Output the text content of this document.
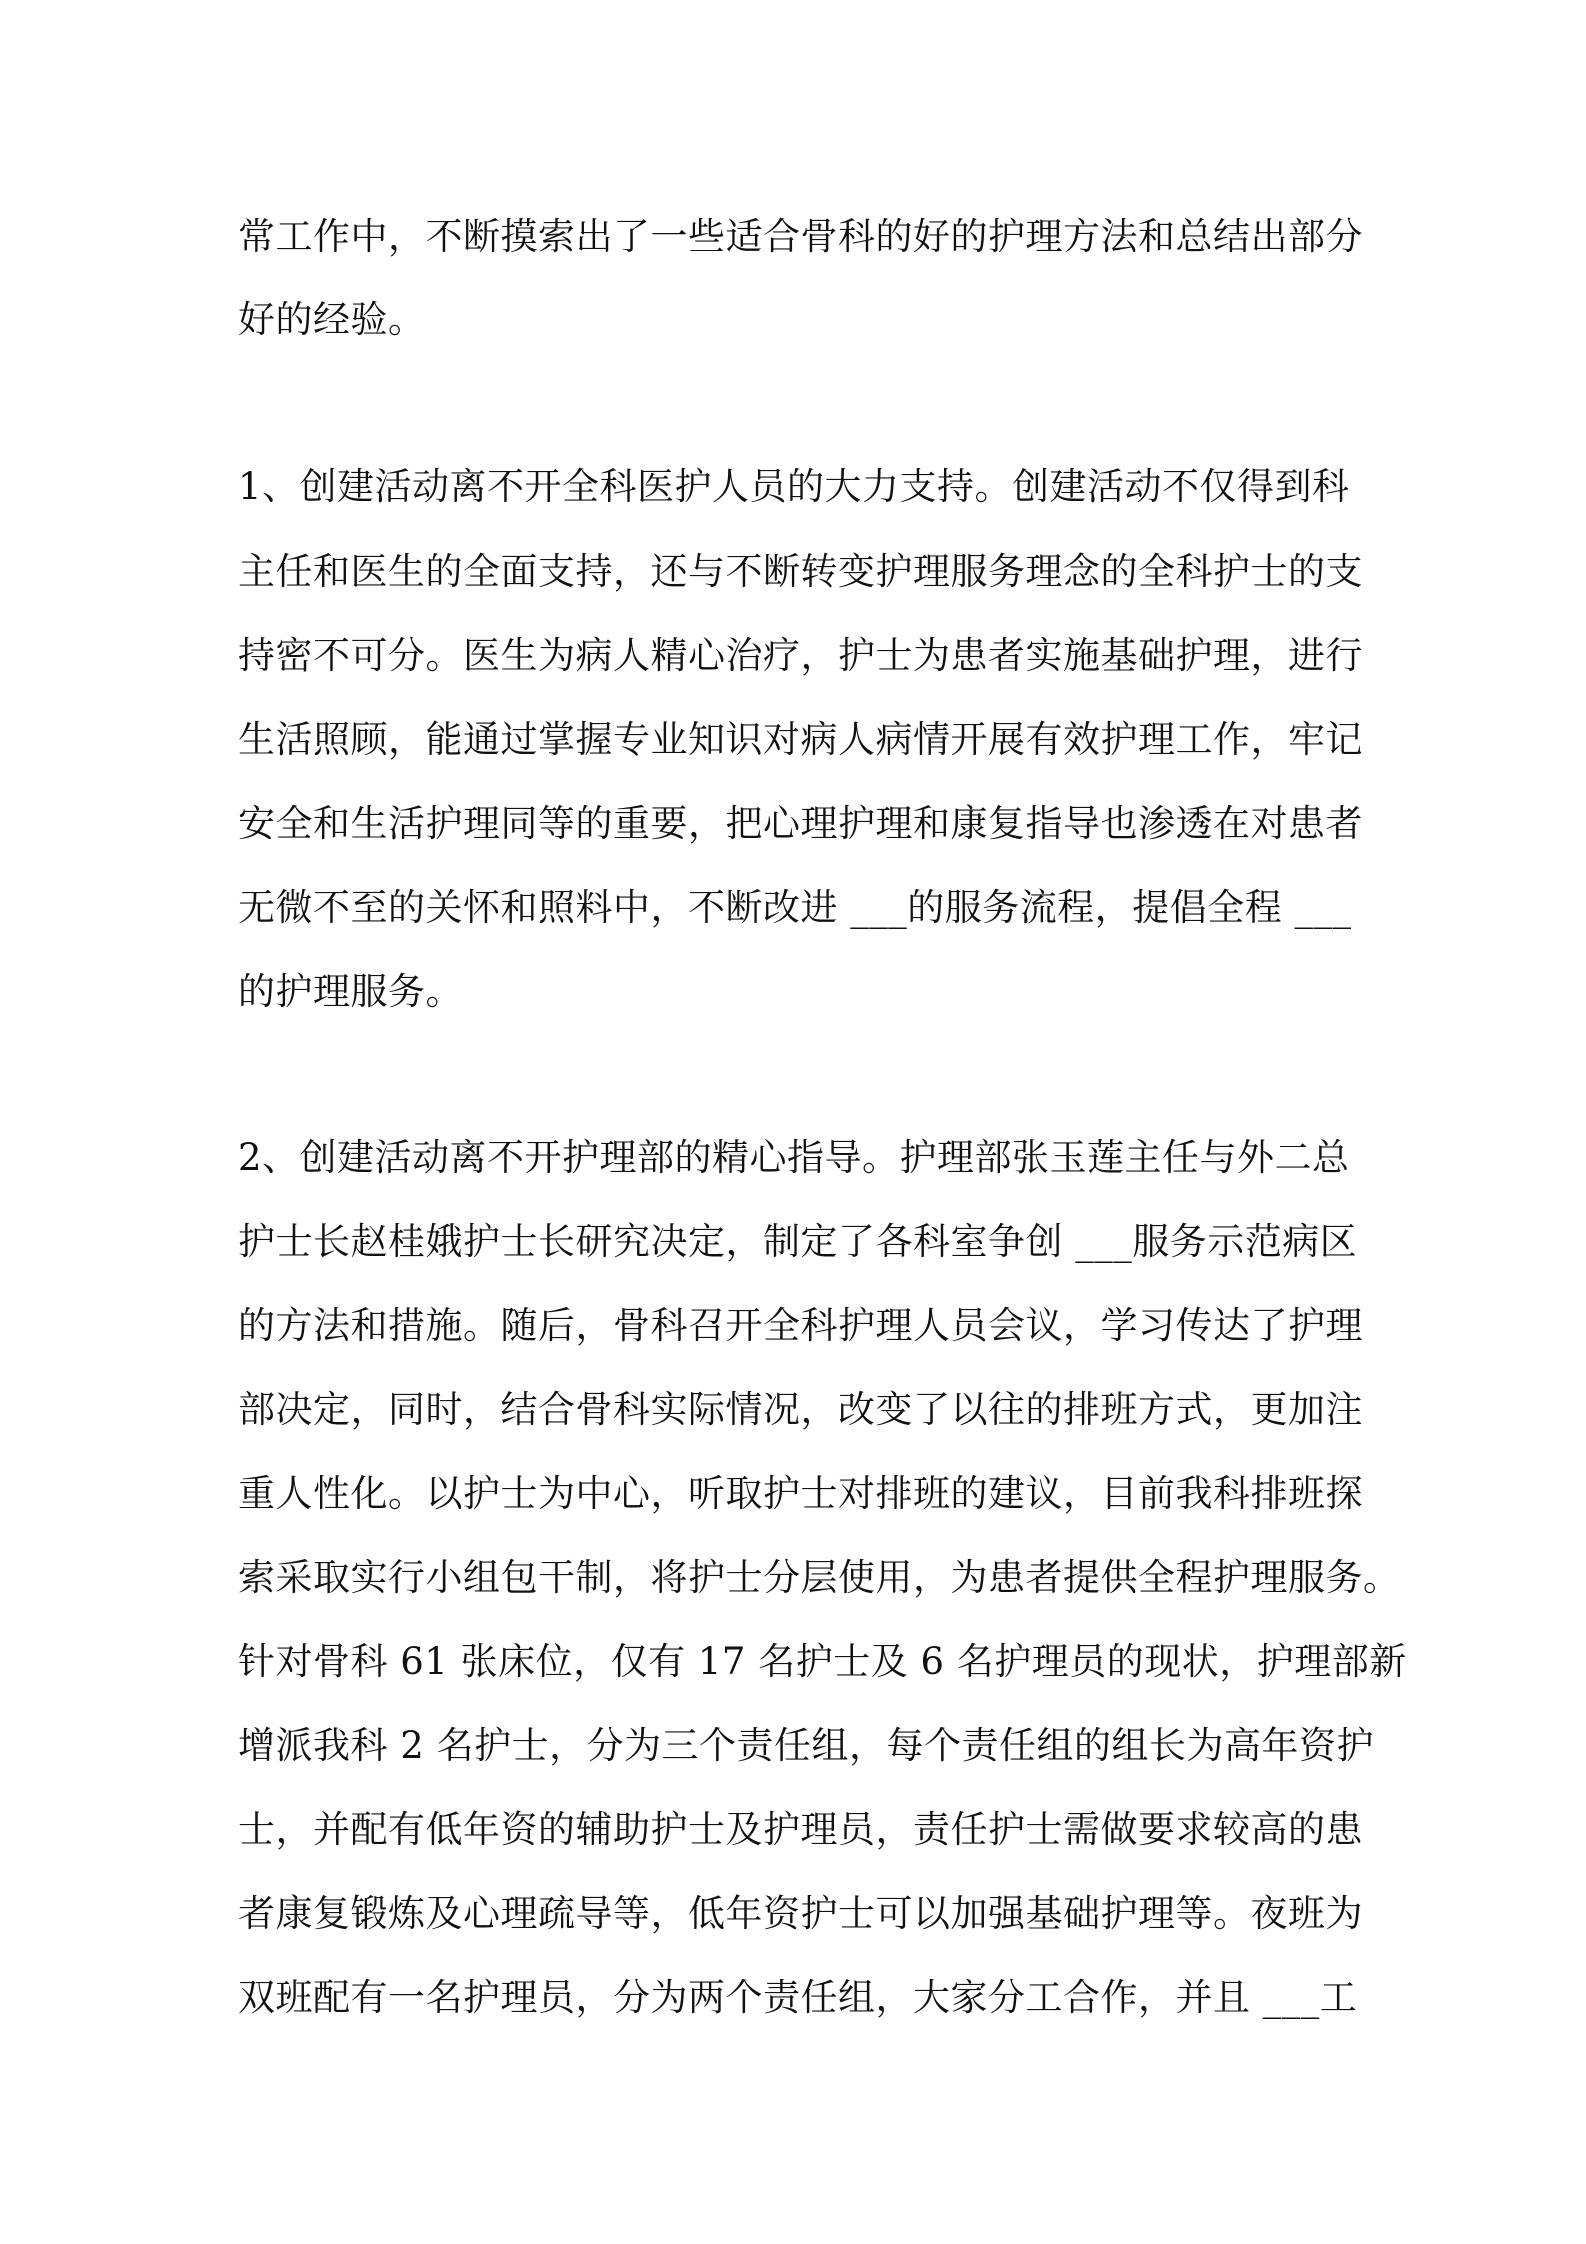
常工作中，不断摸索出了一些适合骨科的好的护理方法和总结出部分

好的经验。

1、创建活动离不开全科医护人员的大力支持。创建活动不仅得到科

主任和医生的全面支持，还与不断转变护理服务理念的全科护士的支

持密不可分。医生为病人精心治疗，护士为患者实施基础护理，进行

生活照顾，能通过掌握专业知识对病人病情开展有效护理工作，牢记

安全和生活护理同等的重要，把心理护理和康复指导也渗透在对患者

无微不至的关怀和照料中，不断改进 ___的服务流程，提倡全程 ___

的护理服务。

2、创建活动离不开护理部的精心指导。护理部张玉莲主任与外二总

护士长赵桂娥护士长研究决定，制定了各科室争创 ___服务示范病区

的方法和措施。随后，骨科召开全科护理人员会议，学习传达了护理

部决定，同时，结合骨科实际情况，改变了以往的排班方式，更加注

重人性化。以护士为中心，听取护士对排班的建议，目前我科排班探

索采取实行小组包干制，将护士分层使用，为患者提供全程护理服务。

针对骨科 61 张床位，仅有 17 名护士及 6 名护理员的现状，护理部新

增派我科 2 名护士，分为三个责任组，每个责任组的组长为高年资护

士，并配有低年资的辅助护士及护理员，责任护士需做要求较高的患

者康复锻炼及心理疏导等，低年资护士可以加强基础护理等。夜班为

双班配有一名护理员，分为两个责任组，大家分工合作，并且 ___工
